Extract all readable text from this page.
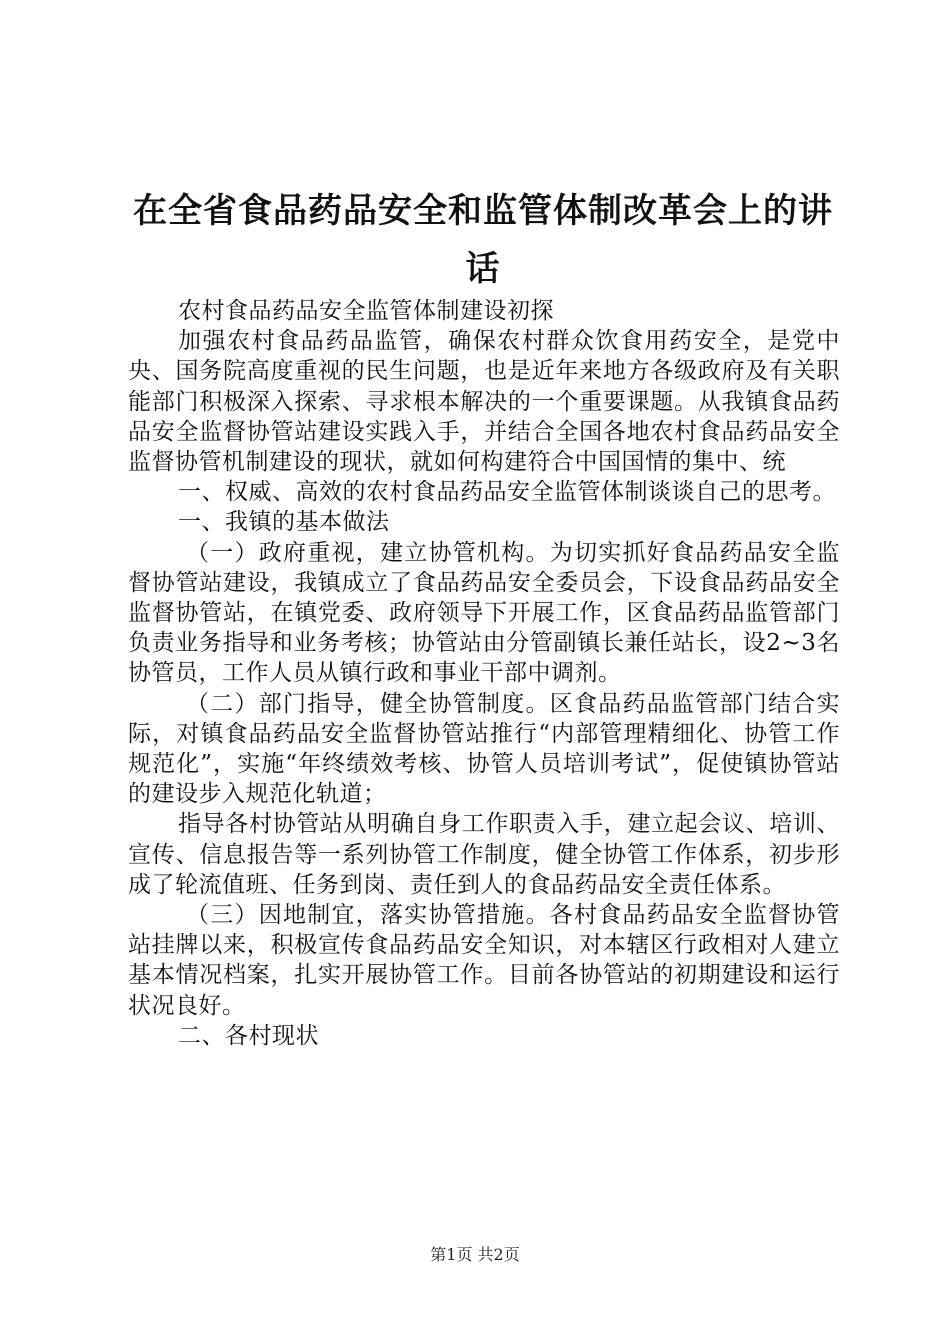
在全省食品药品安全和监管体制改革会上的讲话

农村食品药品安全监管体制建设初探

加强农村食品药品监管，确保农村群众饮食用药安全，是党中央、国务院高度重视的民生问题，也是近年来地方各级政府及有关职能部门积极深入探索、寻求根本解决的一个重要课题。从我镇食品药品安全监督协管站建设实践入手，并结合全国各地农村食品药品安全监督协管机制建设的现状，就如何构建符合中国国情的集中、统

一、权威、高效的农村食品药品安全监管体制谈谈自己的思考。

一、我镇的基本做法

（一）政府重视，建立协管机构。为切实抓好食品药品安全监督协管站建设，我镇成立了食品药品安全委员会，下设食品药品安全监督协管站，在镇党委、政府领导下开展工作，区食品药品监管部门负责业务指导和业务考核；协管站由分管副镇长兼任站长，设2~3名协管员，工作人员从镇行政和事业干部中调剂。

（二）部门指导，健全协管制度。区食品药品监管部门结合实际，对镇食品药品安全监督协管站推行“内部管理精细化、协管工作规范化”，实施“年终绩效考核、协管人员培训考试”，促使镇协管站的建设步入规范化轨道；

指导各村协管站从明确自身工作职责入手，建立起会议、培训、宣传、信息报告等一系列协管工作制度，健全协管工作体系，初步形成了轮流值班、任务到岗、责任到人的食品药品安全责任体系。

（三）因地制宜，落实协管措施。各村食品药品安全监督协管站挂牌以来，积极宣传食品药品安全知识，对本辖区行政相对人建立基本情况档案，扎实开展协管工作。目前各协管站的初期建设和运行状况良好。

二、各村现状

第1页 共2页
